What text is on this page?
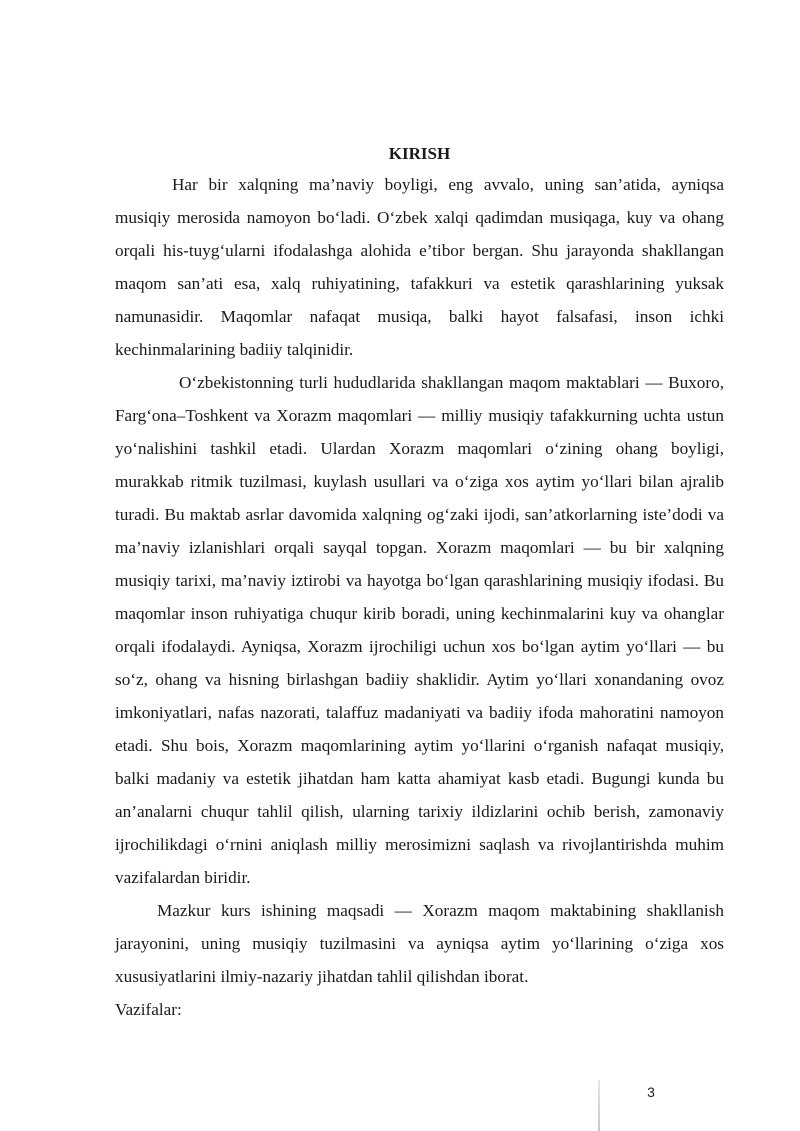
KIRISH

Har bir xalqning ma’naviy boyligi, eng avvalo, uning san’atida, ayniqsa musiqiy merosida namoyon bo‘ladi. O‘zbek xalqi qadimdan musiqaga, kuy va ohang orqali his-tuyg‘ularni ifodalashga alohida e’tibor bergan. Shu jarayonda shakllangan maqom san’ati esa, xalq ruhiyatining, tafakkuri va estetik qarashlarining yuksak namunasidir. Maqomlar nafaqat musiqa, balki hayot falsafasi, inson ichki kechinmalarining badiiy talqinidir.

O‘zbekistonning turli hududlarida shakllangan maqom maktablari — Buxoro, Farg‘ona–Toshkent va Xorazm maqomlari — milliy musiqiy tafakkurning uchta ustun yo‘nalishini tashkil etadi. Ulardan Xorazm maqomlari o‘zining ohang boyligi, murakkab ritmik tuzilmasi, kuylash usullari va o‘ziga xos aytim yo‘llari bilan ajralib turadi. Bu maktab asrlar davomida xalqning og‘zaki ijodi, san’atkorlarning iste’dodi va ma’naviy izlanishlari orqali sayqal topgan. Xorazm maqomlari — bu bir xalqning musiqiy tarixi, ma’naviy iztirobi va hayotga bo‘lgan qarashlarining musiqiy ifodasi. Bu maqomlar inson ruhiyatiga chuqur kirib boradi, uning kechinmalarini kuy va ohanglar orqali ifodalaydi. Ayniqsa, Xorazm ijrochiligi uchun xos bo‘lgan aytim yo‘llari — bu so‘z, ohang va hisning birlashgan badiiy shaklidir. Aytim yo‘llari xonandaning ovoz imkoniyatlari, nafas nazorati, talaffuz madaniyati va badiiy ifoda mahoratini namoyon etadi. Shu bois, Xorazm maqomlarining aytim yo‘llarini o‘rganish nafaqat musiqiy, balki madaniy va estetik jihatdan ham katta ahamiyat kasb etadi. Bugungi kunda bu an’analarni chuqur tahlil qilish, ularning tarixiy ildizlarini ochib berish, zamonaviy ijrochilikdagi o‘rnini aniqlash milliy merosimizni saqlash va rivojlantirishda muhim vazifalardan biridir.

Mazkur kurs ishining maqsadi — Xorazm maqom maktabining shakllanish jarayonini, uning musiqiy tuzilmasini va ayniqsa aytim yo‘llarining o‘ziga xos xususiyatlarini ilmiy-nazariy jihatdan tahlil qilishdan iborat.

Vazifalar:

3
